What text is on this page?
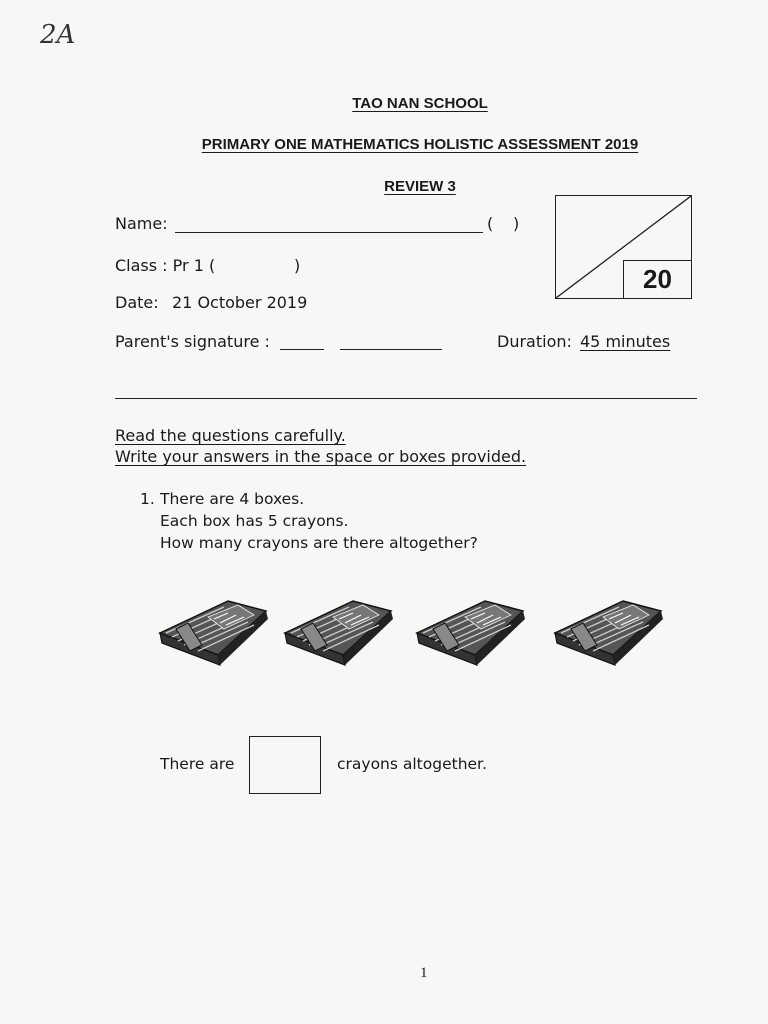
2A
TAO NAN SCHOOL
PRIMARY ONE MATHEMATICS HOLISTIC ASSESSMENT 2019
REVIEW 3
Name:	( )
Class : Pr 1 (	)
Date: 21 October 2019
Parent's signature :	Duration: 45 minutes
20
Read the questions carefully.
Write your answers in the space or boxes provided.
1. There are 4 boxes.
Each box has 5 crayons.
How many crayons are there altogether?
There are	crayons altogether.
1
